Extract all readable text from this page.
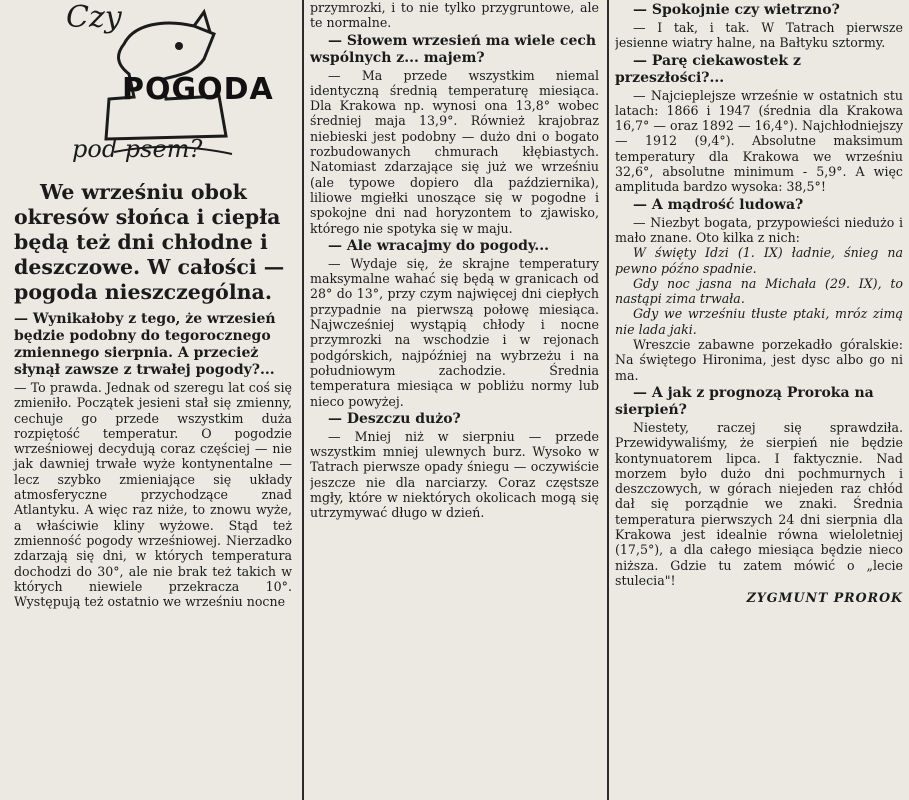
Czy
POGODA
pod psem?

We wrześniu obok okresów słońca i ciepła będą też dni chłodne i deszczowe. W całości — pogoda nieszczególna.

— Wynikałoby z tego, że wrzesień będzie podobny do tegorocznego zmiennego sierpnia. A przecież słynął zawsze z trwałej pogody?...

— To prawda. Jednak od szeregu lat coś się zmieniło. Początek jesieni stał się zmienny, cechuje go przede wszystkim duża rozpiętość temperatur. O pogodzie wrześniowej decydują coraz częściej — nie jak dawniej trwałe wyże kontynentalne — lecz szybko zmieniające się układy atmosferyczne przychodzące znad Atlantyku. A więc raz niże, to znowu wyże, a właściwie kliny wyżowe. Stąd też zmienność pogody wrześniowej. Nierzadko zdarzają się dni, w których temperatura dochodzi do 30°, ale nie brak też takich w których niewiele przekracza 10°. Występują też ostatnio we wrześniu nocne

przymrozki, i to nie tylko przygruntowe, ale te normalne.

— Słowem wrzesień ma wiele cech wspólnych z... majem?

— Ma przede wszystkim niemal identyczną średnią temperaturę miesiąca. Dla Krakowa np. wynosi ona 13,8° wobec średniej maja 13,9°. Również krajobraz niebieski jest podobny — dużo dni o bogato rozbudowanych chmurach kłębiastych. Natomiast zdarzające się już we wrześniu (ale typowe dopiero dla października), liliowe mgiełki unoszące się w pogodne i spokojne dni nad horyzontem to zjawisko, którego nie spotyka się w maju.

— Ale wracajmy do pogody...

— Wydaje się, że skrajne temperatury maksymalne wahać się będą w granicach od 28° do 13°, przy czym najwięcej dni ciepłych przypadnie na pierwszą połowę miesiąca. Najwcześniej wystąpią chłody i nocne przymrozki na wschodzie i w rejonach podgórskich, najpóźniej na wybrzeżu i na południowym zachodzie. Średnia temperatura miesiąca w pobliżu normy lub nieco powyżej.

— Deszczu dużo?

— Mniej niż w sierpniu — przede wszystkim mniej ulewnych burz. Wysoko w Tatrach pierwsze opady śniegu — oczywiście jeszcze nie dla narciarzy. Coraz częstsze mgły, które w niektórych okolicach mogą się utrzymywać długo w dzień.

— Spokojnie czy wietrzno?

— I tak, i tak. W Tatrach pierwsze jesienne wiatry halne, na Bałtyku sztormy.

— Parę ciekawostek z przeszłości?...

— Najcieplejsze wrześnie w ostatnich stu latach: 1866 i 1947 (średnia dla Krakowa 16,7° — oraz 1892 — 16,4°). Najchłodniejszy — 1912 (9,4°). Absolutne maksimum temperatury dla Krakowa we wrześniu 32,6°, absolutne minimum - 5,9°. A więc amplituda bardzo wysoka: 38,5°!

— A mądrość ludowa?

— Niezbyt bogata, przypowieści niedużo i mało znane. Oto kilka z nich:

W święty Idzi (1. IX) ładnie, śnieg na pewno późno spadnie.

Gdy noc jasna na Michała (29. IX), to nastąpi zima trwała.

Gdy we wrześniu tłuste ptaki, mróz zimą nie lada jaki.

Wreszcie zabawne porzekadło góralskie: Na świętego Hironima, jest dysc albo go ni ma.

— A jak z prognozą Proroka na sierpień?

Niestety, raczej się sprawdziła. Przewidywaliśmy, że sierpień nie będzie kontynuatorem lipca. I faktycznie. Nad morzem było dużo dni pochmurnych i deszczowych, w górach niejeden raz chłód dał się porządnie we znaki. Średnia temperatura pierwszych 24 dni sierpnia dla Krakowa jest idealnie równa wieloletniej (17,5°), a dla całego miesiąca będzie nieco niższa. Gdzie tu zatem mówić o „lecie stulecia"!

ZYGMUNT PROROK
